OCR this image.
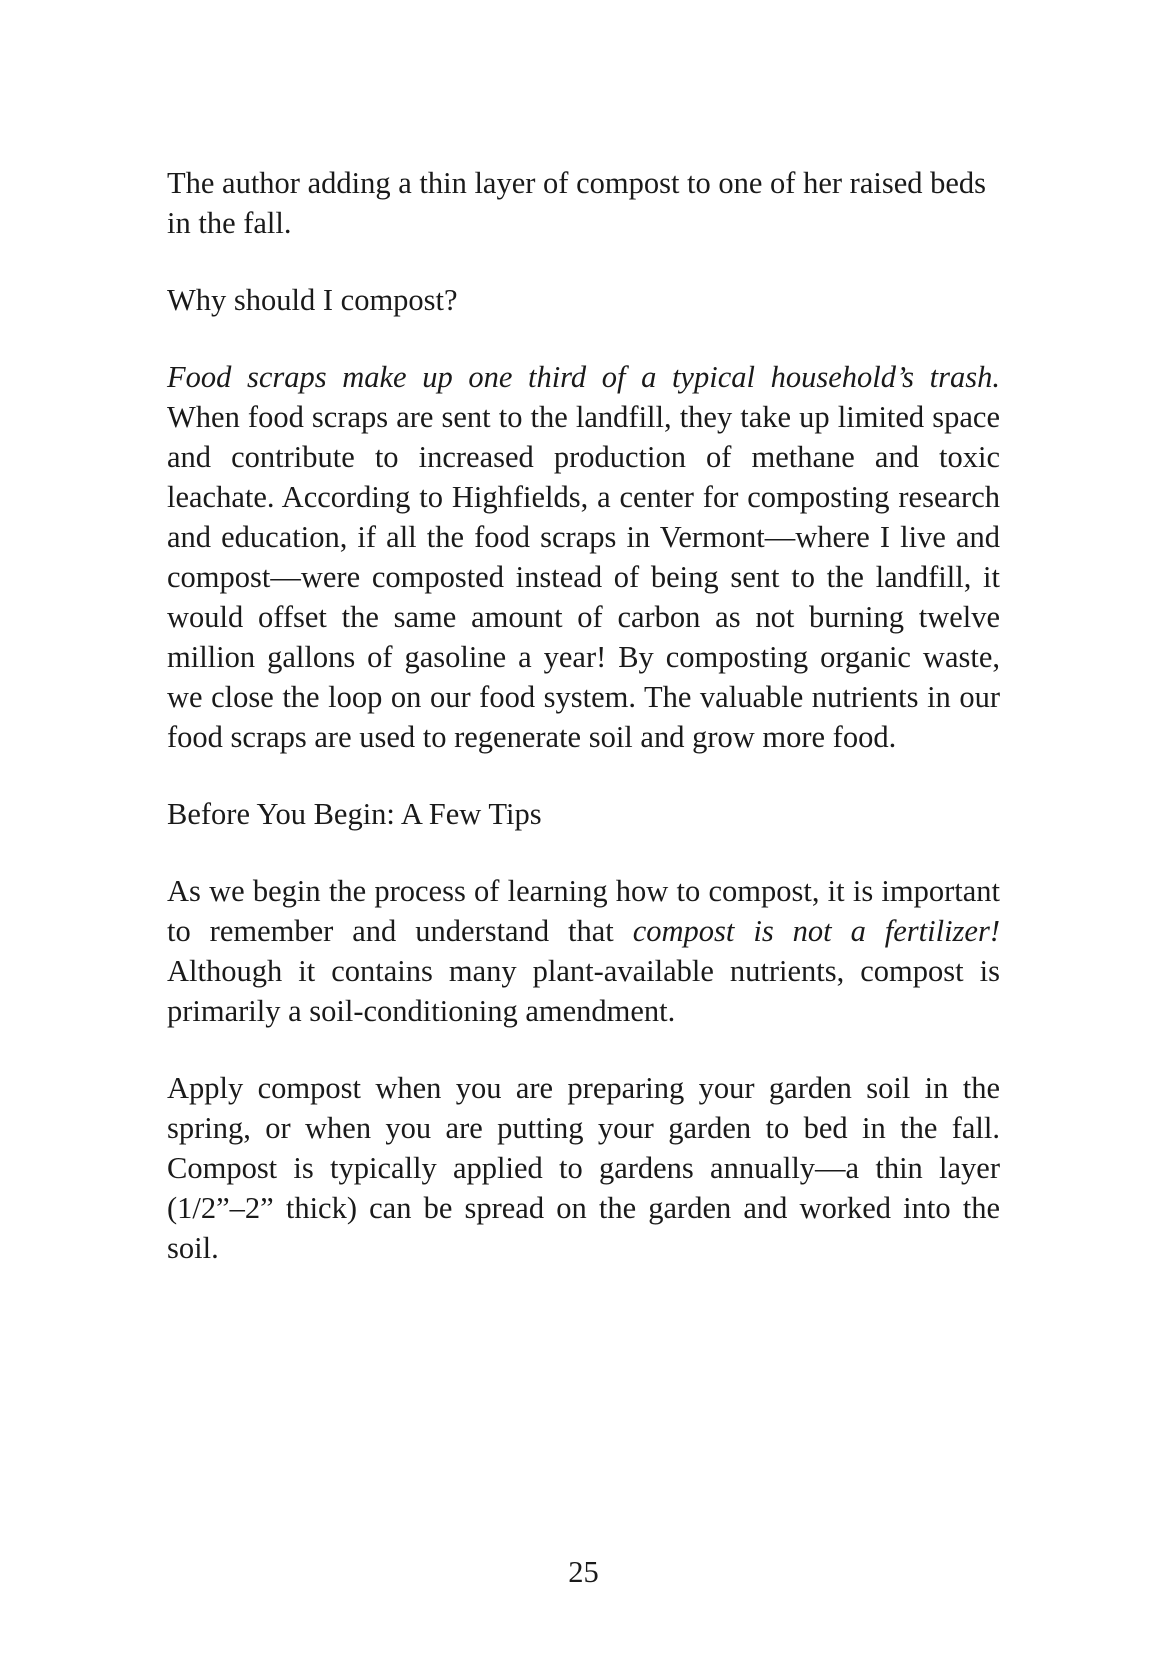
The author adding a thin layer of compost to one of her raised beds in the fall.

Why should I compost?

Food scraps make up one third of a typical household’s trash. When food scraps are sent to the landfill, they take up limited space and contribute to increased production of methane and toxic leachate. According to Highfields, a center for composting research and education, if all the food scraps in Vermont—where I live and compost—were composted instead of being sent to the landfill, it would offset the same amount of carbon as not burning twelve million gallons of gasoline a year! By composting organic waste, we close the loop on our food system. The valuable nutrients in our food scraps are used to regenerate soil and grow more food.

Before You Begin: A Few Tips

As we begin the process of learning how to compost, it is important to remember and understand that compost is not a fertilizer! Although it contains many plant-available nutrients, compost is primarily a soil-conditioning amendment.

Apply compost when you are preparing your garden soil in the spring, or when you are putting your garden to bed in the fall. Compost is typically applied to gardens annually—a thin layer (1/2”–2” thick) can be spread on the garden and worked into the soil.

25
